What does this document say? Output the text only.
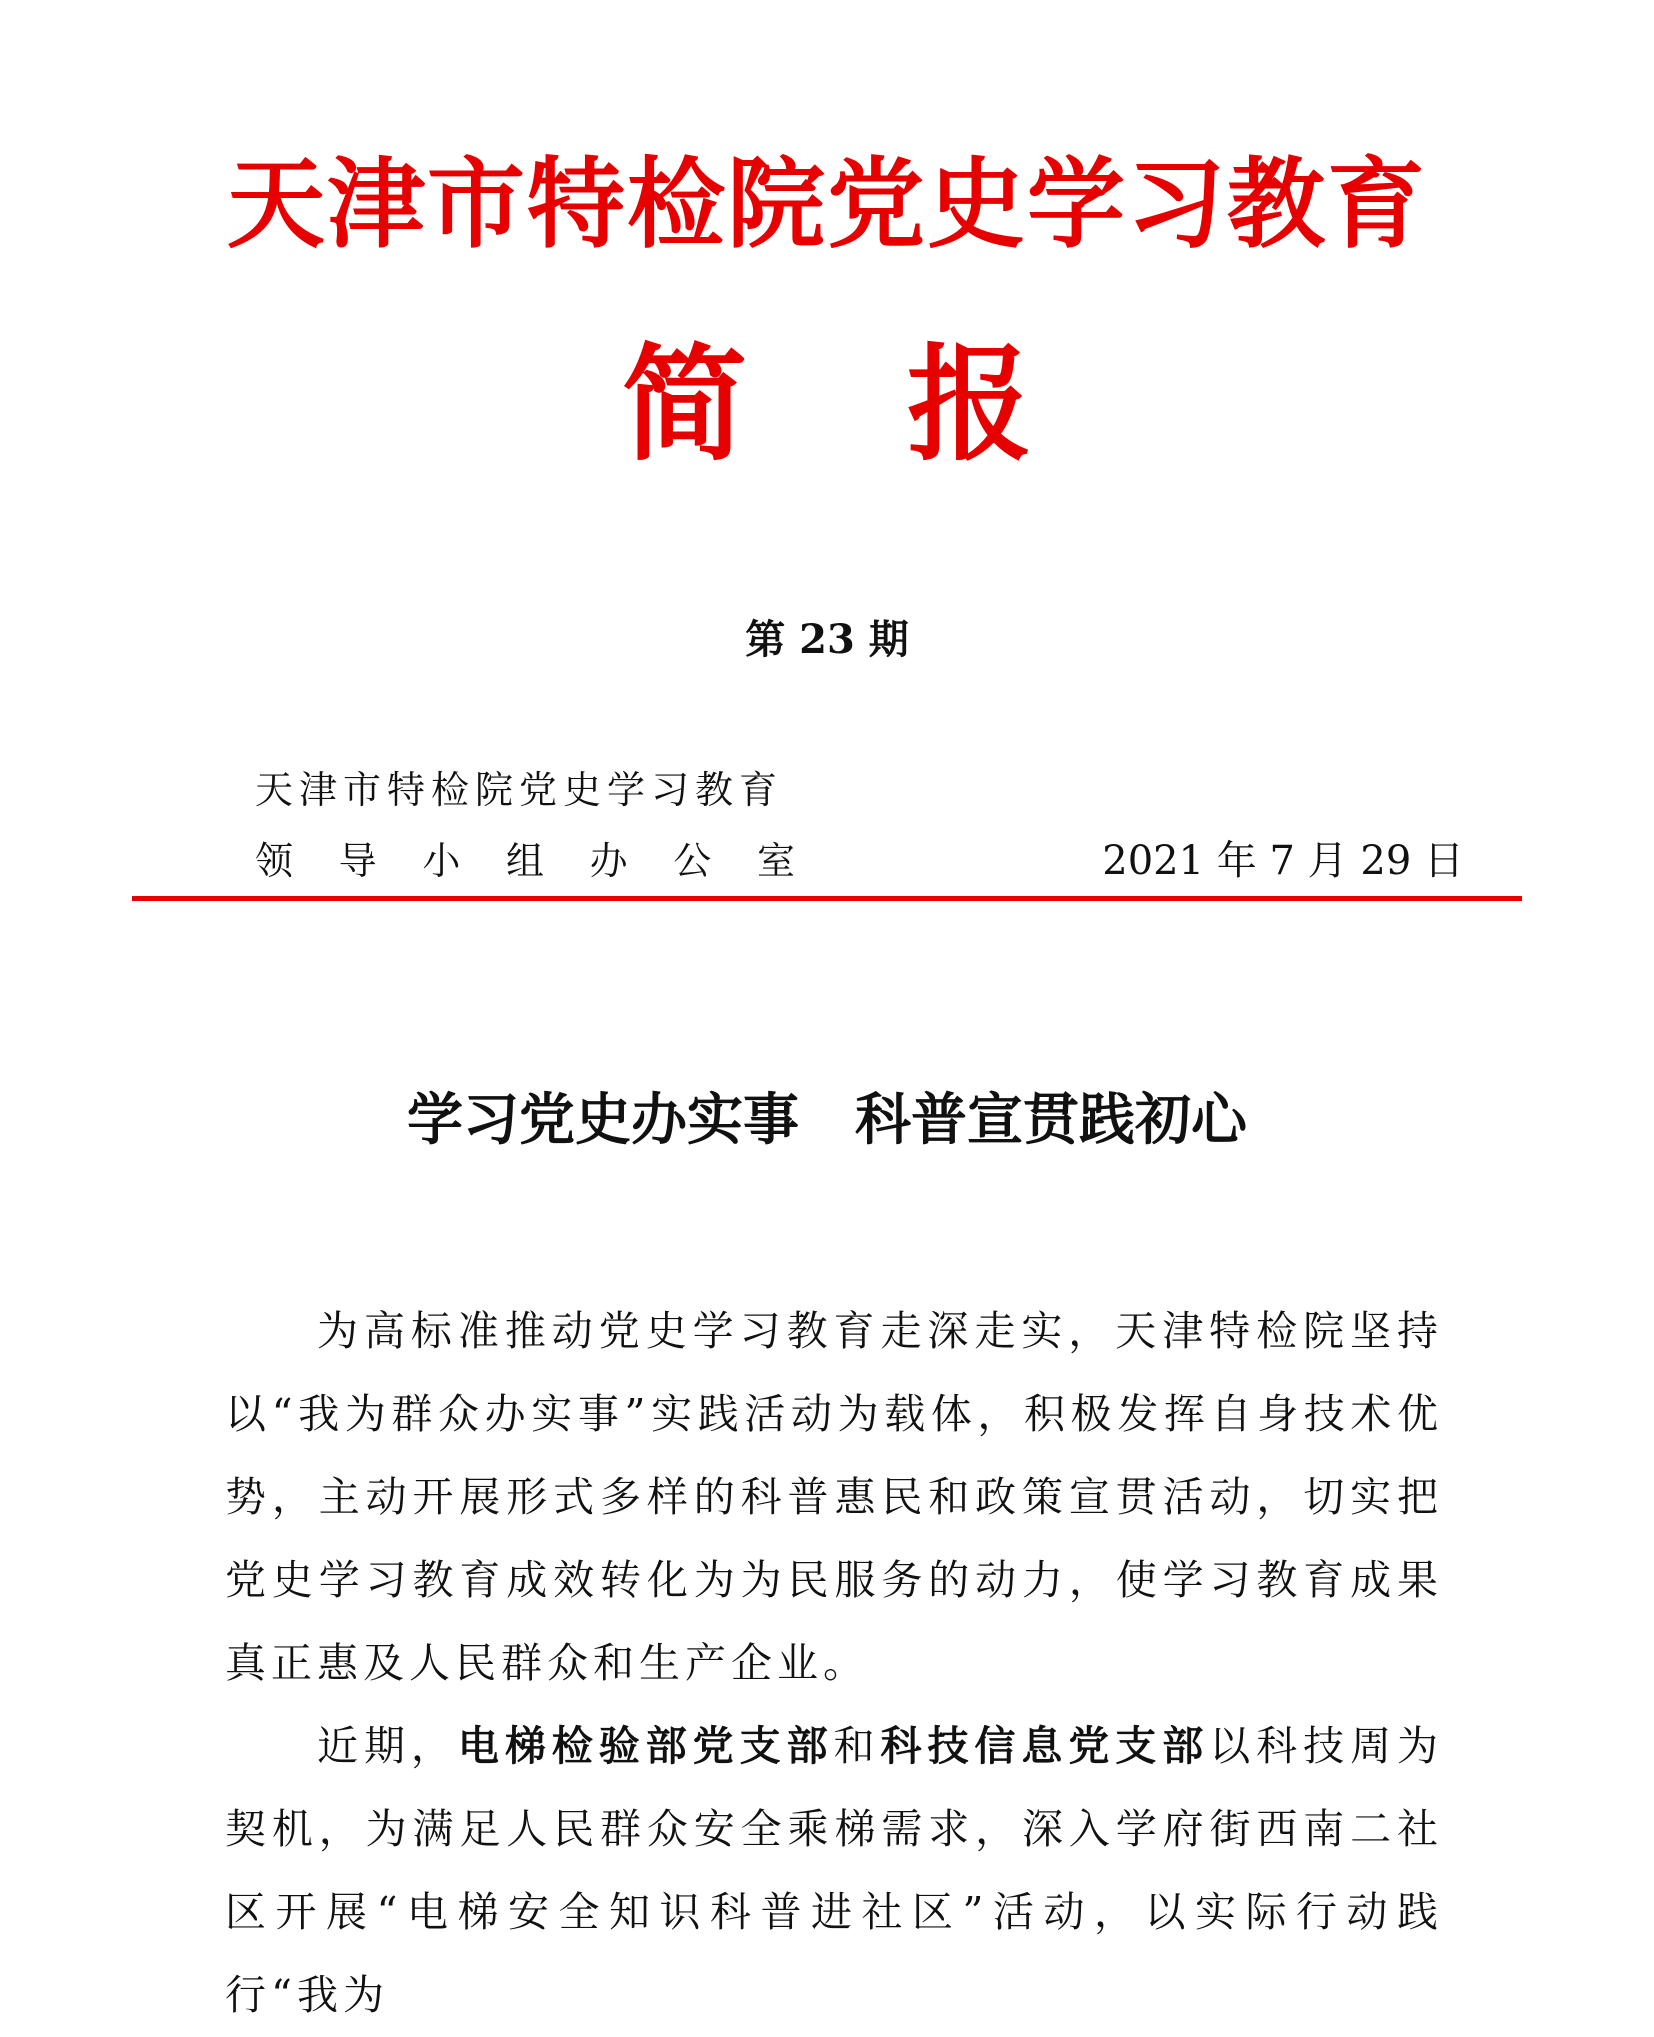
天津市特检院党史学习教育
简报
第 23 期
天津市特检院党史学习教育
领 导 小 组 办 公 室	2021 年 7 月 29 日
学习党史办实事　科普宣贯践初心

为高标准推动党史学习教育走深走实，天津特检院坚持以“我为群众办实事”实践活动为载体，积极发挥自身技术优势，主动开展形式多样的科普惠民和政策宣贯活动，切实把党史学习教育成效转化为为民服务的动力，使学习教育成果真正惠及人民群众和生产企业。

近期，电梯检验部党支部和科技信息党支部以科技周为契机，为满足人民群众安全乘梯需求，深入学府街西南二社区开展“电梯安全知识科普进社区”活动，以实际行动践行“我为
